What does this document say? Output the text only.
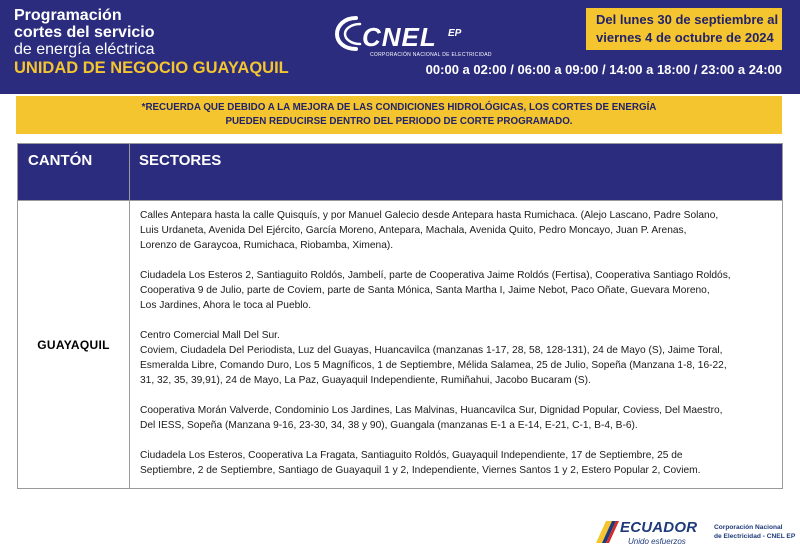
Programación
cortes del servicio
de energía eléctrica
UNIDAD DE NEGOCIO GUAYAQUIL
CNEL EP
CORPORACIÓN NACIONAL DE ELECTRICIDAD
Del lunes 30 de septiembre al
viernes 4 de octubre de 2024
00:00 a 02:00 / 06:00 a 09:00 / 14:00 a 18:00 / 23:00 a 24:00
*RECUERDA QUE DEBIDO A LA MEJORA DE LAS CONDICIONES HIDROLÓGICAS, LOS CORTES DE ENERGÍA
PUEDEN REDUCIRSE DENTRO DEL PERIODO DE CORTE PROGRAMADO.
CANTÓN	SECTORES
GUAYAQUIL
Calles Antepara hasta la calle Quisquís, y por Manuel Galecio desde Antepara hasta Rumichaca. (Alejo Lascano, Padre Solano,
Luis Urdaneta, Avenida Del Ejército, García Moreno, Antepara, Machala, Avenida Quito, Pedro Moncayo, Juan P. Arenas,
Lorenzo de Garaycoa, Rumichaca, Riobamba, Ximena).
Ciudadela Los Esteros 2, Santiaguito Roldós, Jambelí, parte de Cooperativa Jaime Roldós (Fertisa), Cooperativa Santiago Roldós,
Cooperativa 9 de Julio, parte de Coviem, parte de Santa Mónica, Santa Martha I, Jaime Nebot, Paco Oñate, Guevara Moreno,
Los Jardines, Ahora le toca al Pueblo.
Centro Comercial Mall Del Sur.
Coviem, Ciudadela Del Periodista, Luz del Guayas, Huancavilca (manzanas 1-17, 28, 58, 128-131), 24 de Mayo (S), Jaime Toral,
Esmeralda Libre, Comando Duro, Los 5 Magníficos, 1 de Septiembre, Mélida Salamea, 25 de Julio, Sopeña (Manzana 1-8, 16-22,
31, 32, 35, 39,91), 24 de Mayo, La Paz, Guayaquil Independiente, Rumiñahui, Jacobo Bucaram (S).
Cooperativa Morán Valverde, Condominio Los Jardines, Las Malvinas, Huancavilca Sur, Dignidad Popular, Coviess, Del Maestro,
Del IESS, Sopeña (Manzana 9-16, 23-30, 34, 38 y 90), Guangala (manzanas E-1 a E-14, E-21, C-1, B-4, B-6).
Ciudadela Los Esteros, Cooperativa La Fragata, Santiaguito Roldós, Guayaquil Independiente, 17 de Septiembre, 25 de
Septiembre, 2 de Septiembre, Santiago de Guayaquil 1 y 2, Independiente, Viernes Santos 1 y 2, Estero Popular 2, Coviem.
ECUADOR
Unido esfuerzos
Corporación Nacional
de Electricidad - CNEL EP
